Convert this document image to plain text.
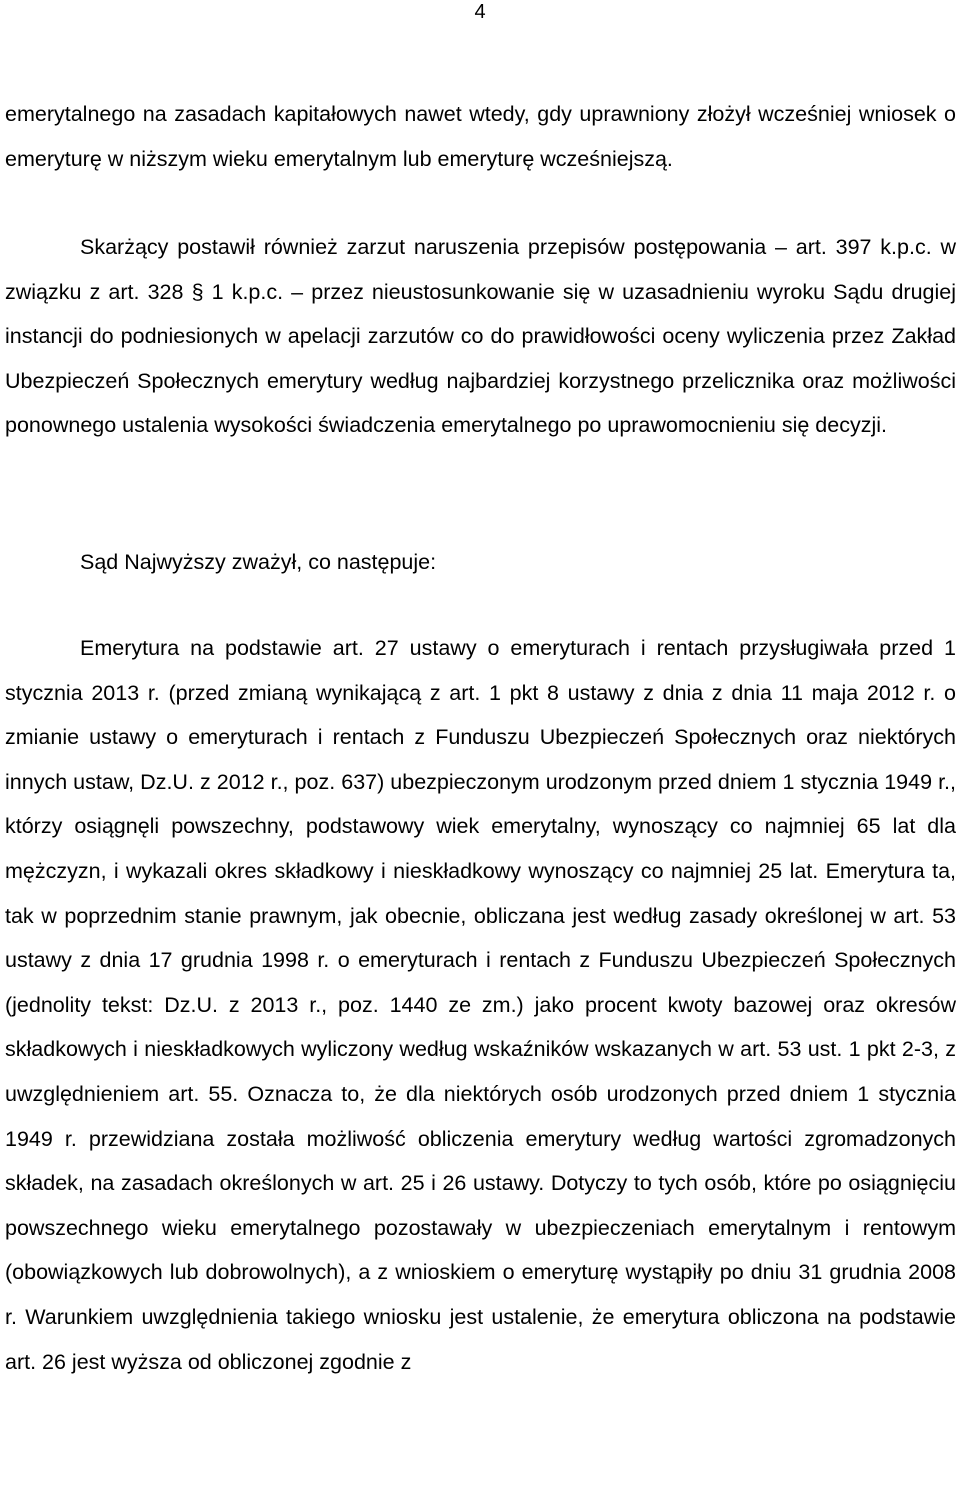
4

emerytalnego na zasadach kapitałowych nawet wtedy, gdy uprawniony złożył wcześniej wniosek o emeryturę w niższym wieku emerytalnym lub emeryturę wcześniejszą.

Skarżący postawił również zarzut naruszenia przepisów postępowania – art. 397 k.p.c. w związku z art. 328 § 1 k.p.c. – przez nieustosunkowanie się w uzasadnieniu wyroku Sądu drugiej instancji do podniesionych w apelacji zarzutów co do prawidłowości oceny wyliczenia przez Zakład Ubezpieczeń Społecznych emerytury według najbardziej korzystnego przelicznika oraz możliwości ponownego ustalenia wysokości świadczenia emerytalnego po uprawomocnieniu się decyzji.

Sąd Najwyższy zważył, co następuje:

Emerytura na podstawie art. 27 ustawy o emeryturach i rentach przysługiwała przed 1 stycznia 2013 r. (przed zmianą wynikającą z art. 1 pkt 8 ustawy z dnia z dnia 11 maja 2012 r. o zmianie ustawy o emeryturach i rentach z Funduszu Ubezpieczeń Społecznych oraz niektórych innych ustaw, Dz.U. z 2012 r., poz. 637) ubezpieczonym urodzonym przed dniem 1 stycznia 1949 r., którzy osiągnęli powszechny, podstawowy wiek emerytalny, wynoszący co najmniej 65 lat dla mężczyzn, i wykazali okres składkowy i nieskładkowy wynoszący co najmniej 25 lat. Emerytura ta, tak w poprzednim stanie prawnym, jak obecnie, obliczana jest według zasady określonej w art. 53 ustawy z dnia 17 grudnia 1998 r. o emeryturach i rentach z Funduszu Ubezpieczeń Społecznych (jednolity tekst: Dz.U. z 2013 r., poz. 1440 ze zm.) jako procent kwoty bazowej oraz okresów składkowych i nieskładkowych wyliczony według wskaźników wskazanych w art. 53 ust. 1 pkt 2-3, z uwzględnieniem art. 55. Oznacza to, że dla niektórych osób urodzonych przed dniem 1 stycznia 1949 r. przewidziana została możliwość obliczenia emerytury według wartości zgromadzonych składek, na zasadach określonych w art. 25 i 26 ustawy. Dotyczy to tych osób, które po osiągnięciu powszechnego wieku emerytalnego pozostawały w ubezpieczeniach emerytalnym i rentowym (obowiązkowych lub dobrowolnych), a z wnioskiem o emeryturę wystąpiły po dniu 31 grudnia 2008 r. Warunkiem uwzględnienia takiego wniosku jest ustalenie, że emerytura obliczona na podstawie art. 26 jest wyższa od obliczonej zgodnie z
